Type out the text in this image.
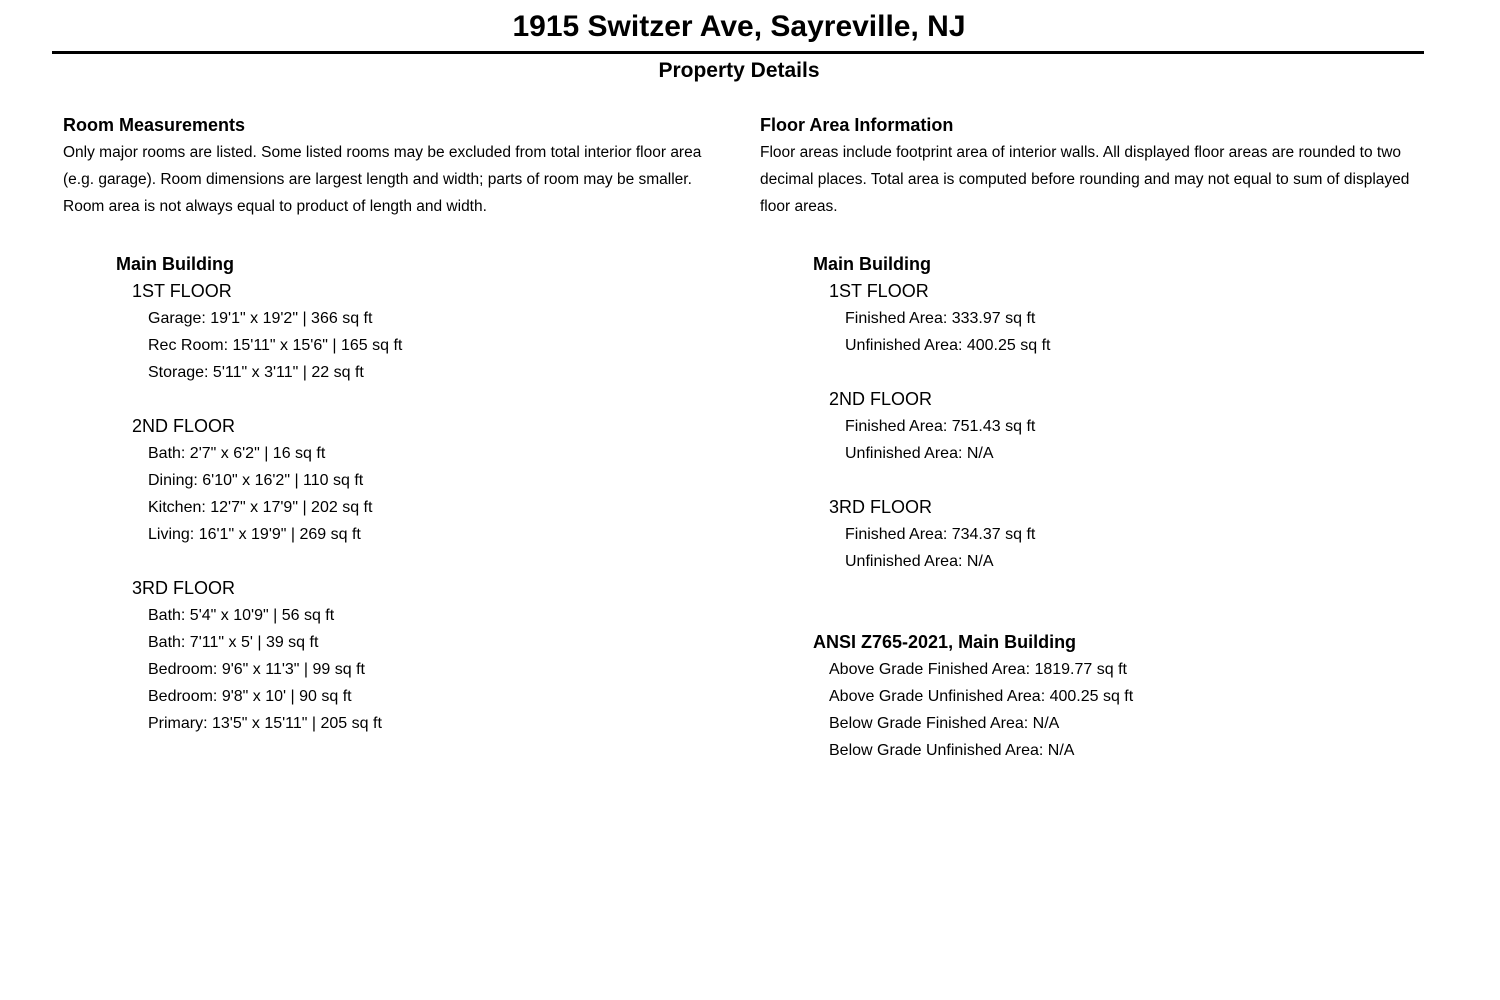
1915 Switzer Ave, Sayreville, NJ
Property Details
Room Measurements

Only major rooms are listed. Some listed rooms may be excluded from total interior floor area (e.g. garage). Room dimensions are largest length and width; parts of room may be smaller. Room area is not always equal to product of length and width.

Main Building
1ST FLOOR
Garage: 19'1" x 19'2" | 366 sq ft
Rec Room: 15'11" x 15'6" | 165 sq ft
Storage: 5'11" x 3'11" | 22 sq ft
2ND FLOOR
Bath: 2'7" x 6'2" | 16 sq ft
Dining: 6'10" x 16'2" | 110 sq ft
Kitchen: 12'7" x 17'9" | 202 sq ft
Living: 16'1" x 19'9" | 269 sq ft
3RD FLOOR
Bath: 5'4" x 10'9" | 56 sq ft
Bath: 7'11" x 5' | 39 sq ft
Bedroom: 9'6" x 11'3" | 99 sq ft
Bedroom: 9'8" x 10' | 90 sq ft
Primary: 13'5" x 15'11" | 205 sq ft
Floor Area Information

Floor areas include footprint area of interior walls. All displayed floor areas are rounded to two decimal places. Total area is computed before rounding and may not equal to sum of displayed floor areas.

Main Building
1ST FLOOR
Finished Area: 333.97 sq ft
Unfinished Area: 400.25 sq ft
2ND FLOOR
Finished Area: 751.43 sq ft
Unfinished Area: N/A
3RD FLOOR
Finished Area: 734.37 sq ft
Unfinished Area: N/A
ANSI Z765-2021, Main Building
Above Grade Finished Area: 1819.77 sq ft
Above Grade Unfinished Area: 400.25 sq ft
Below Grade Finished Area: N/A
Below Grade Unfinished Area: N/A
